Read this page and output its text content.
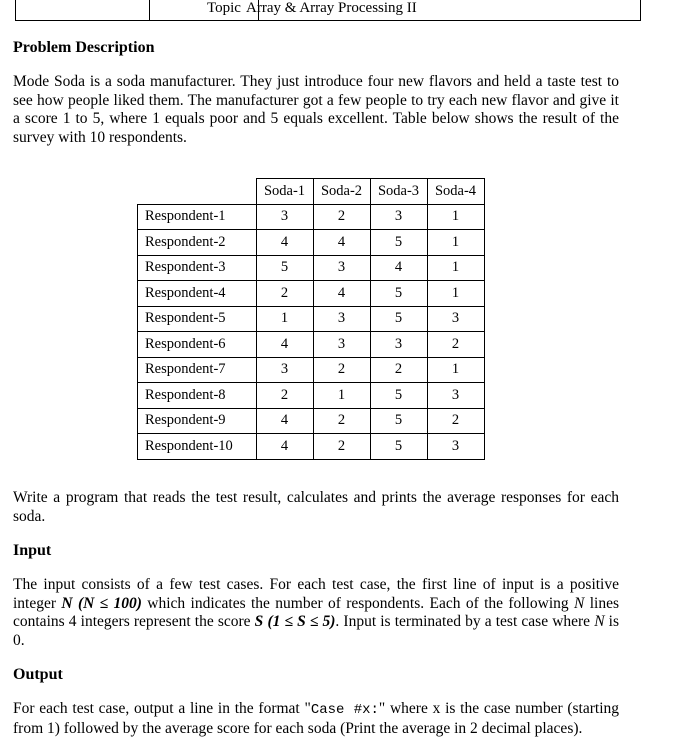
Topic Array & Array Processing II
Problem Description

Mode Soda is a soda manufacturer. They just introduce four new flavors and held a taste test to see how people liked them. The manufacturer got a few people to try each new flavor and give it a score 1 to 5, where 1 equals poor and 5 equals excellent. Table below shows the result of the survey with 10 respondents.

	Soda-1	Soda-2	Soda-3	Soda-4
Respondent-1	3	2	3	1
Respondent-2	4	4	5	1
Respondent-3	5	3	4	1
Respondent-4	2	4	5	1
Respondent-5	1	3	5	3
Respondent-6	4	3	3	2
Respondent-7	3	2	2	1
Respondent-8	2	1	5	3
Respondent-9	4	2	5	2
Respondent-10	4	2	5	3

Write a program that reads the test result, calculates and prints the average responses for each soda.

Input

The input consists of a few test cases. For each test case, the first line of input is a positive integer N (N ≤ 100) which indicates the number of respondents. Each of the following N lines contains 4 integers represent the score S (1 ≤ S ≤ 5). Input is terminated by a test case where N is 0.

Output

For each test case, output a line in the format "Case #x:" where x is the case number (starting from 1) followed by the average score for each soda (Print the average in 2 decimal places).
